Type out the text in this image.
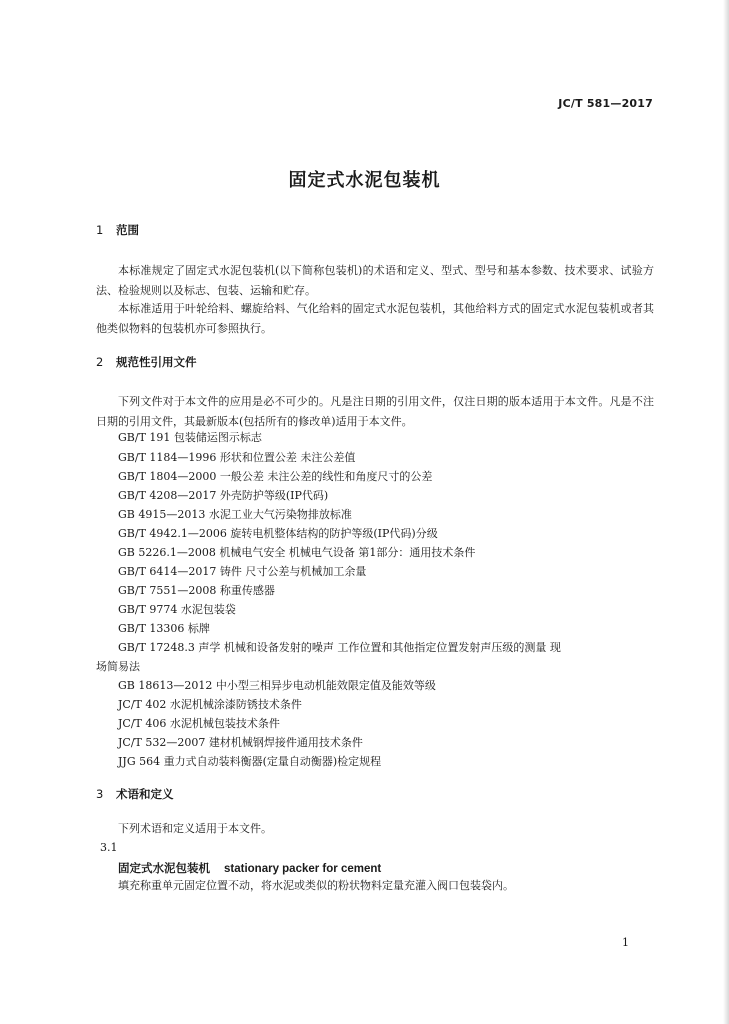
JC/T 581—2017
固定式水泥包装机
1 范围
本标准规定了固定式水泥包装机(以下简称包装机)的术语和定义、型式、型号和基本参数、技术要求、试验方法、检验规则以及标志、包装、运输和贮存。
本标准适用于叶轮给料、螺旋给料、气化给料的固定式水泥包装机，其他给料方式的固定式水泥包装机或者其他类似物料的包装机亦可参照执行。
2 规范性引用文件
下列文件对于本文件的应用是必不可少的。凡是注日期的引用文件，仅注日期的版本适用于本文件。凡是不注日期的引用文件，其最新版本(包括所有的修改单)适用于本文件。
GB/T 191 包装储运图示标志
GB/T 1184—1996 形状和位置公差 未注公差值
GB/T 1804—2000 一般公差 未注公差的线性和角度尺寸的公差
GB/T 4208—2017 外壳防护等级(IP代码)
GB 4915—2013 水泥工业大气污染物排放标准
GB/T 4942.1—2006 旋转电机整体结构的防护等级(IP代码)分级
GB 5226.1—2008 机械电气安全 机械电气设备 第1部分：通用技术条件
GB/T 6414—2017 铸件 尺寸公差与机械加工余量
GB/T 7551—2008 称重传感器
GB/T 9774 水泥包装袋
GB/T 13306 标牌
GB/T 17248.3 声学 机械和设备发射的噪声 工作位置和其他指定位置发射声压级的测量 现
场简易法
GB 18613—2012 中小型三相异步电动机能效限定值及能效等级
JC/T 402 水泥机械涂漆防锈技术条件
JC/T 406 水泥机械包装技术条件
JC/T 532—2007 建材机械钢焊接件通用技术条件
JJG 564 重力式自动装料衡器(定量自动衡器)检定规程
3 术语和定义
下列术语和定义适用于本文件。
3.1
固定式水泥包装机 stationary packer for cement
填充称重单元固定位置不动，将水泥或类似的粉状物料定量充灌入阀口包装袋内。
1
